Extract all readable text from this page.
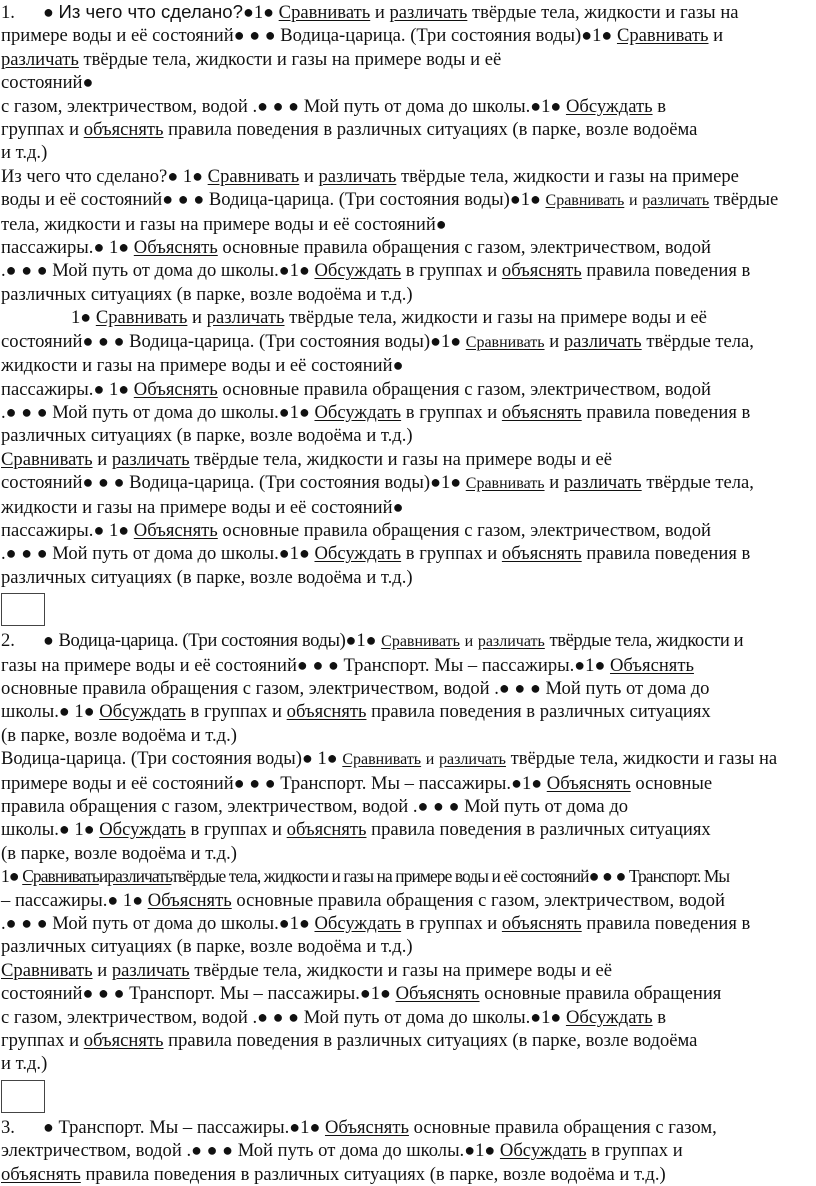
1. ● Из чего что сделано?●1● Сравнивать и различать твёрдые тела, жидкости и газы на
примере воды и её состояний● ● ● Водица-царица. (Три состояния воды)●1● Сравнивать и
различать твёрдые тела, жидкости и газы на примере воды и её
состояний●
с газом, электричеством, водой .● ● ● Мой путь от дома до школы.●1● Обсуждать в
группах и объяснять правила поведения в различных ситуациях (в парке, возле водоёма
и т.д.)
Из чего что сделано?● 1● Сравнивать и различать твёрдые тела, жидкости и газы на примере
воды и её состояний● ● ● Водица-царица. (Три состояния воды)●1● Сравнивать и различать твёрдые
тела, жидкости и газы на примере воды и её состояний●
пассажиры.● 1● Объяснять основные правила обращения с газом, электричеством, водой
.● ● ● Мой путь от дома до школы.●1● Обсуждать в группах и объяснять правила поведения в
различных ситуациях (в парке, возле водоёма и т.д.)
1● Сравнивать и различать твёрдые тела, жидкости и газы на примере воды и её
состояний● ● ● Водица-царица. (Три состояния воды)●1● Сравнивать и различать твёрдые тела,
жидкости и газы на примере воды и её состояний●
пассажиры.● 1● Объяснять основные правила обращения с газом, электричеством, водой
.● ● ● Мой путь от дома до школы.●1● Обсуждать в группах и объяснять правила поведения в
различных ситуациях (в парке, возле водоёма и т.д.)
Сравнивать и различать твёрдые тела, жидкости и газы на примере воды и её
состояний● ● ● Водица-царица. (Три состояния воды)●1● Сравнивать и различать твёрдые тела,
жидкости и газы на примере воды и её состояний●
пассажиры.● 1● Объяснять основные правила обращения с газом, электричеством, водой
.● ● ● Мой путь от дома до школы.●1● Обсуждать в группах и объяснять правила поведения в
различных ситуациях (в парке, возле водоёма и т.д.)
2. ● Водица-царица. (Три состояния воды)●1● Сравнивать и различать твёрдые тела, жидкости и
газы на примере воды и её состояний● ● ● Транспорт. Мы – пассажиры.●1● Объяснять
основные правила обращения с газом, электричеством, водой .● ● ● Мой путь от дома до
школы.● 1● Обсуждать в группах и объяснять правила поведения в различных ситуациях
(в парке, возле водоёма и т.д.)
Водица-царица. (Три состояния воды)● 1● Сравнивать и различать твёрдые тела, жидкости и газы на
примере воды и её состояний● ● ● Транспорт. Мы – пассажиры.●1● Объяснять основные
правила обращения с газом, электричеством, водой .● ● ● Мой путь от дома до
школы.● 1● Обсуждать в группах и объяснять правила поведения в различных ситуациях
(в парке, возле водоёма и т.д.)
1● Сравниватьиразличатьтвёрдые тела, жидкости и газы на примере воды и её состояний● ● ● Транспорт. Мы
– пассажиры.● 1● Объяснять основные правила обращения с газом, электричеством, водой
.● ● ● Мой путь от дома до школы.●1● Обсуждать в группах и объяснять правила поведения в
различных ситуациях (в парке, возле водоёма и т.д.)
Сравнивать и различать твёрдые тела, жидкости и газы на примере воды и её
состояний● ● ● Транспорт. Мы – пассажиры.●1● Объяснять основные правила обращения
с газом, электричеством, водой .● ● ● Мой путь от дома до школы.●1● Обсуждать в
группах и объяснять правила поведения в различных ситуациях (в парке, возле водоёма
и т.д.)
3. ● Транспорт. Мы – пассажиры.●1● Объяснять основные правила обращения с газом,
электричеством, водой .● ● ● Мой путь от дома до школы.●1● Обсуждать в группах и
объяснять правила поведения в различных ситуациях (в парке, возле водоёма и т.д.)
